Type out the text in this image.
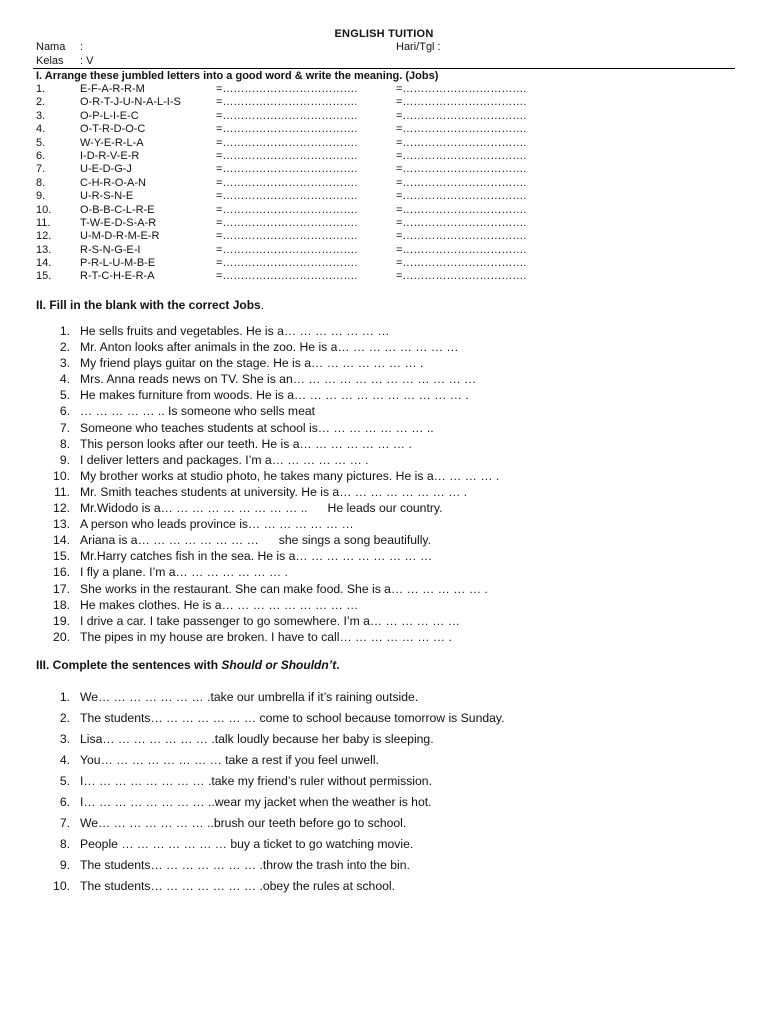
ENGLISH TUITION
Nama :	Hari/Tgl :
Kelas : V
I. Arrange these jumbled letters into a good word & write the meaning. (Jobs)
1.	E-F-A-R-R-M	=……………………………….	=…………………………….
2.	O-R-T-J-U-N-A-L-I-S	=……………………………….	=…………………………….
3.	O-P-L-I-E-C	=……………………………….	=…………………………….
4.	O-T-R-D-O-C	=……………………………….	=…………………………….
5.	W-Y-E-R-L-A	=……………………………….	=…………………………….
6.	I-D-R-V-E-R	=……………………………….	=…………………………….
7.	U-E-D-G-J	=……………………………….	=…………………………….
8.	C-H-R-O-A-N	=……………………………….	=…………………………….
9.	U-R-S-N-E	=……………………………….	=…………………………….
10.	O-B-B-C-L-R-E	=……………………………….	=…………………………….
11.	T-W-E-D-S-A-R	=……………………………….	=…………………………….
12.	U-M-D-R-M-E-R	=……………………………….	=…………………………….
13.	R-S-N-G-E-I	=……………………………….	=…………………………….
14.	P-R-L-U-M-B-E	=……………………………….	=…………………………….
15.	R-T-C-H-E-R-A	=……………………………….	=…………………………….
II. Fill in the blank with the correct Jobs.
1. He sells fruits and vegetables. He is a… … … … … … …
2. Mr. Anton looks after animals in the zoo. He is a… … … … … … … …
3. My friend plays guitar on the stage. He is a… … … … … … … .
4. Mrs. Anna reads news on TV. She is an… … … … … … … … … … … …
5. He makes furniture from woods. He is a… … … … … … … … … … … .
6. … … … … … .. Is someone who sells meat
7. Someone who teaches students at school is… … … … … … … ..
8. This person looks after our teeth. He is a… … … … … … … .
9. I deliver letters and packages. I’m a… … … … … … .
10. My brother works at studio photo, he takes many pictures. He is a… … … … .
11. Mr. Smith teaches students at university. He is a… … … … … … … … .
12. Mr.Widodo is a… … … … … … … … … .. He leads our country.
13. A person who leads province is… … … … … … …
14. Ariana is a… … … … … … … … she sings a song beautifully.
15. Mr.Harry catches fish in the sea. He is a… … … … … … … … …
16. I fly a plane. I’m a… … … … … … … .
17. She works in the restaurant. She can make food. She is a… … … … … … .
18. He makes clothes. He is a… … … … … … … … …
19. I drive a car. I take passenger to go somewhere. I’m a… … … … … …
20. The pipes in my house are broken. I have to call… … … … … … … .
III. Complete the sentences with Should or Shouldn’t.
1. We… … … … … … … .take our umbrella if it’s raining outside.
2. The students… … … … … … … come to school because tomorrow is Sunday.
3. Lisa… … … … … … … .talk loudly because her baby is sleeping.
4. You… … … … … … … … take a rest if you feel unwell.
5. I… … … … … … … … .take my friend’s ruler without permission.
6. I… … … … … … … … ..wear my jacket when the weather is hot.
7. We… … … … … … … ..brush our teeth before go to school.
8. People … … … … … … … buy a ticket to go watching movie.
9. The students… … … … … … … .throw the trash into the bin.
10. The students… … … … … … … .obey the rules at school.
